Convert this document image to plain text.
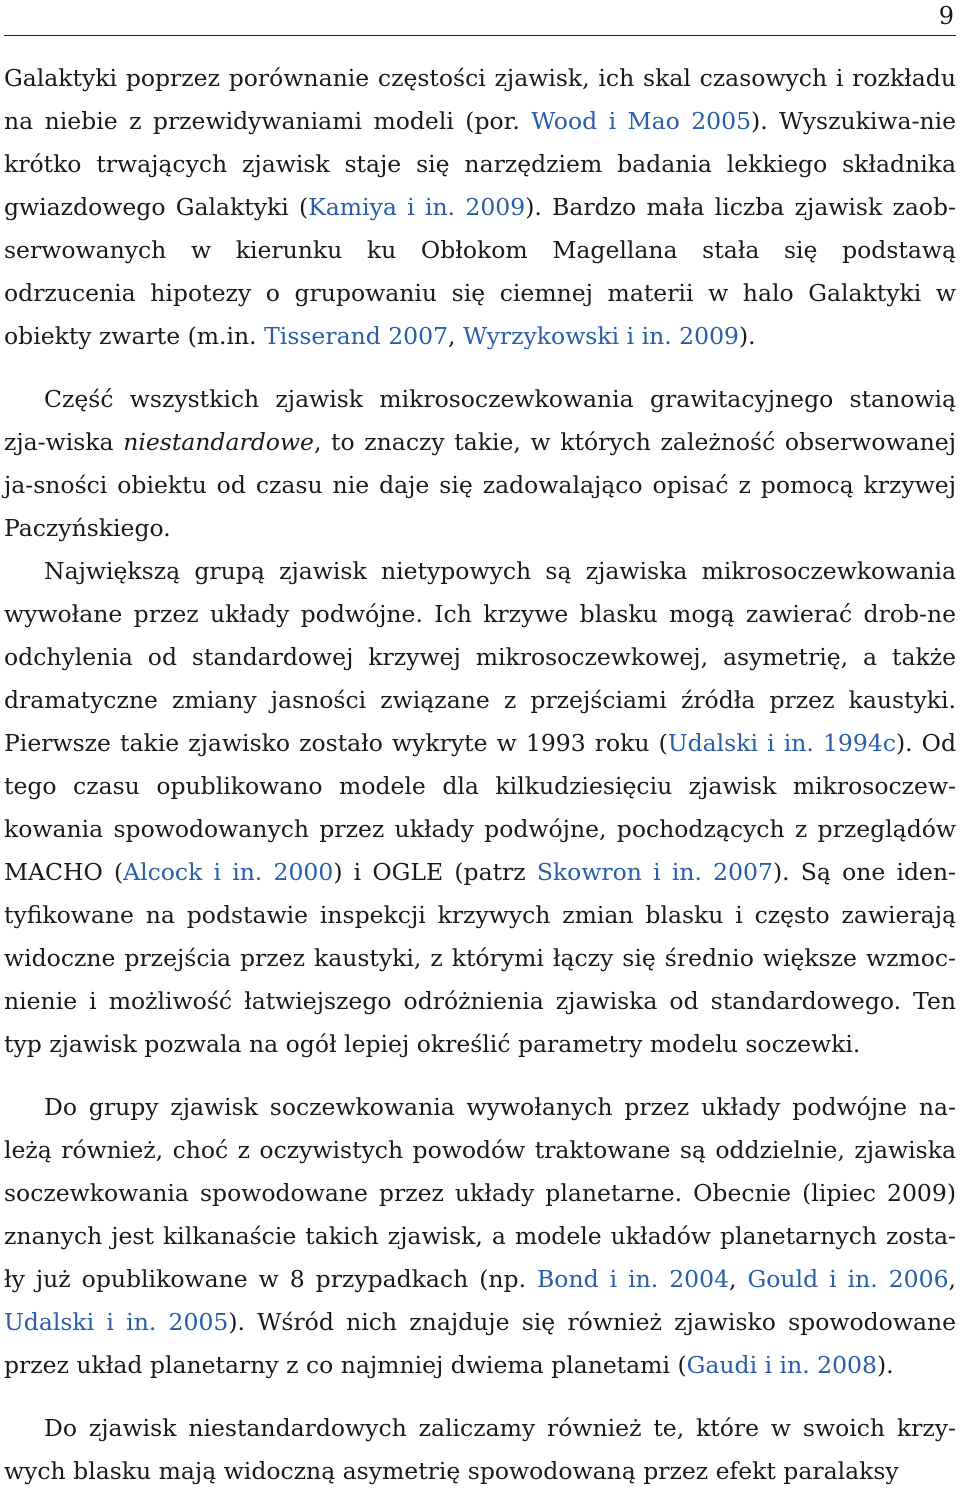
9

Galaktyki poprzez porównanie częstości zjawisk, ich skal czasowych i rozkładu na niebie z przewidywaniami modeli (por. Wood i Mao 2005). Wyszukiwa-nie krótko trwających zjawisk staje się narzędziem badania lekkiego składnika gwiazdowego Galaktyki (Kamiya i in. 2009). Bardzo mała liczba zjawisk zaob-serwowanych w kierunku ku Obłokom Magellana stała się podstawą odrzucenia hipotezy o grupowaniu się ciemnej materii w halo Galaktyki w obiekty zwarte (m.in. Tisserand 2007, Wyrzykowski i in. 2009).

Część wszystkich zjawisk mikrosoczewkowania grawitacyjnego stanowią zja-wiska niestandardowe, to znaczy takie, w których zależność obserwowanej ja-sności obiektu od czasu nie daje się zadowalająco opisać z pomocą krzywej Paczyńskiego.

Największą grupą zjawisk nietypowych są zjawiska mikrosoczewkowania wywołane przez układy podwójne. Ich krzywe blasku mogą zawierać drob-ne odchylenia od standardowej krzywej mikrosoczewkowej, asymetrię, a także dramatyczne zmiany jasności związane z przejściami źródła przez kaustyki. Pierwsze takie zjawisko zostało wykryte w 1993 roku (Udalski i in. 1994c). Od tego czasu opublikowano modele dla kilkudziesięciu zjawisk mikrosoczew-kowania spowodowanych przez układy podwójne, pochodzących z przeglądów MACHO (Alcock i in. 2000) i OGLE (patrz Skowron i in. 2007). Są one iden-tyfikowane na podstawie inspekcji krzywych zmian blasku i często zawierają widoczne przejścia przez kaustyki, z którymi łączy się średnio większe wzmoc-nienie i możliwość łatwiejszego odróżnienia zjawiska od standardowego. Ten typ zjawisk pozwala na ogół lepiej określić parametry modelu soczewki.

Do grupy zjawisk soczewkowania wywołanych przez układy podwójne na-leżą również, choć z oczywistych powodów traktowane są oddzielnie, zjawiska soczewkowania spowodowane przez układy planetarne. Obecnie (lipiec 2009) znanych jest kilkanaście takich zjawisk, a modele układów planetarnych zosta-ły już opublikowane w 8 przypadkach (np. Bond i in. 2004, Gould i in. 2006, Udalski i in. 2005). Wśród nich znajduje się również zjawisko spowodowane przez układ planetarny z co najmniej dwiema planetami (Gaudi i in. 2008).

Do zjawisk niestandardowych zaliczamy również te, które w swoich krzy-wych blasku mają widoczną asymetrię spowodowaną przez efekt paralaksy
